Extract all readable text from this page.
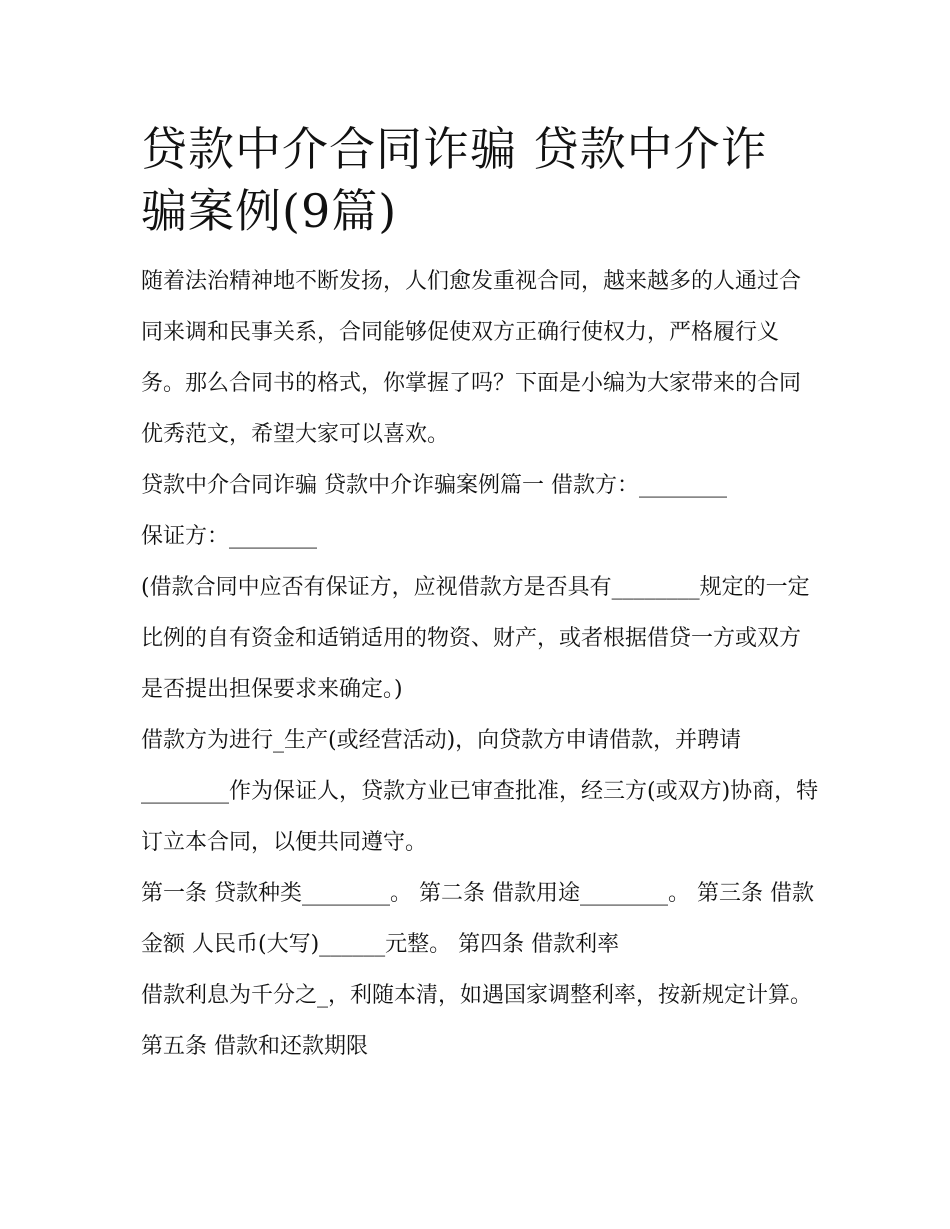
贷款中介合同诈骗 贷款中介诈
骗案例(9篇)

随着法治精神地不断发扬，人们愈发重视合同，越来越多的人通过合同来调和民事关系，合同能够促使双方正确行使权力，严格履行义务。那么合同书的格式，你掌握了吗？下面是小编为大家带来的合同优秀范文，希望大家可以喜欢。

贷款中介合同诈骗 贷款中介诈骗案例篇一 借款方：________

保证方：________

(借款合同中应否有保证方，应视借款方是否具有________规定的一定比例的自有资金和适销适用的物资、财产，或者根据借贷一方或双方是否提出担保要求来确定。)

借款方为进行_生产(或经营活动)，向贷款方申请借款，并聘请________作为保证人，贷款方业已审查批准，经三方(或双方)协商，特订立本合同，以便共同遵守。

第一条 贷款种类________。 第二条 借款用途________。 第三条 借款金额 人民币(大写)______元整。 第四条 借款利率

借款利息为千分之_，利随本清，如遇国家调整利率，按新规定计算。 第五条 借款和还款期限
